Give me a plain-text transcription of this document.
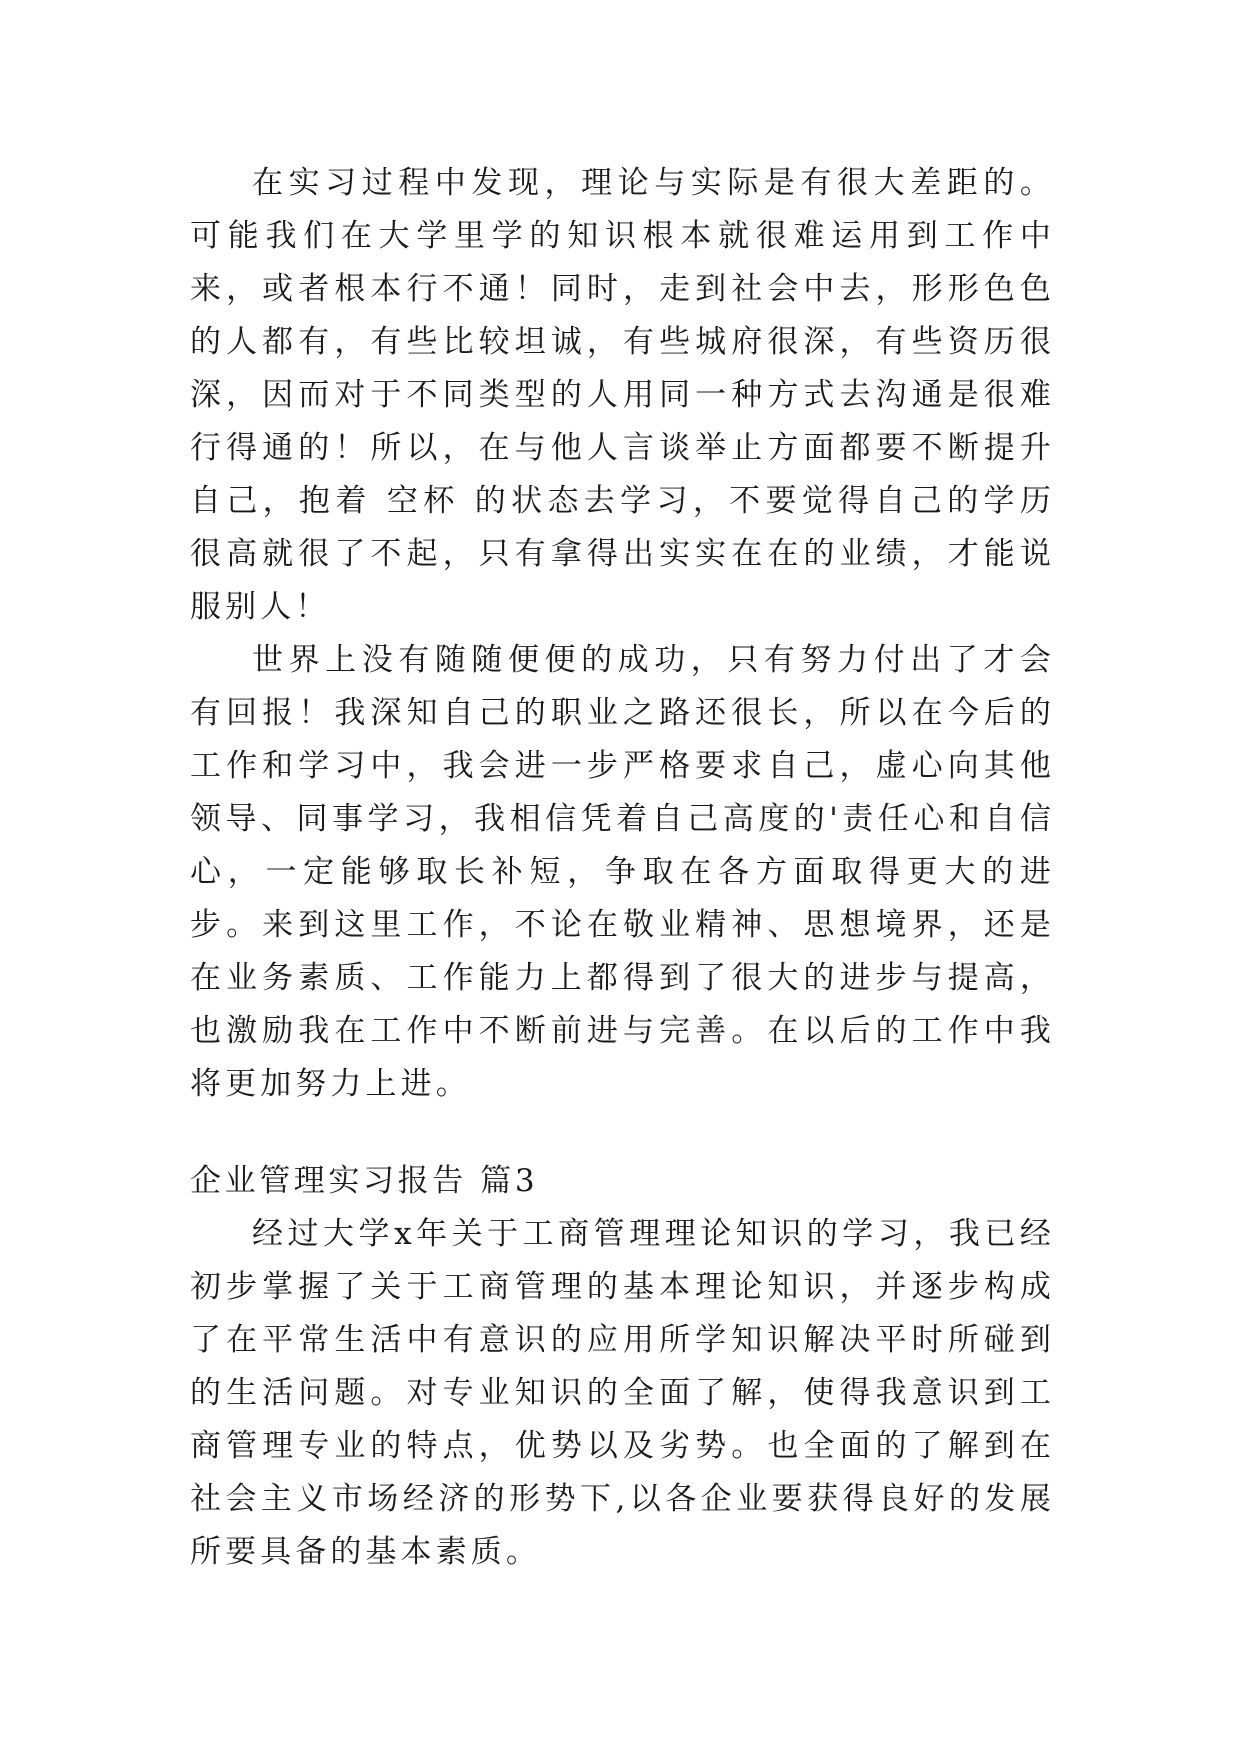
在实习过程中发现，理论与实际是有很大差距的。可能我们在大学里学的知识根本就很难运用到工作中来，或者根本行不通！同时，走到社会中去，形形色色的人都有，有些比较坦诚，有些城府很深，有些资历很深，因而对于不同类型的人用同一种方式去沟通是很难行得通的！所以，在与他人言谈举止方面都要不断提升自己，抱着 空杯 的状态去学习，不要觉得自己的学历很高就很了不起，只有拿得出实实在在的业绩，才能说服别人！

世界上没有随随便便的成功，只有努力付出了才会有回报！我深知自己的职业之路还很长，所以在今后的工作和学习中，我会进一步严格要求自己，虚心向其他领导、同事学习，我相信凭着自己高度的'责任心和自信心，一定能够取长补短，争取在各方面取得更大的进步。来到这里工作，不论在敬业精神、思想境界，还是在业务素质、工作能力上都得到了很大的进步与提高，也激励我在工作中不断前进与完善。在以后的工作中我将更加努力上进。

企业管理实习报告 篇3

经过大学x年关于工商管理理论知识的学习，我已经初步掌握了关于工商管理的基本理论知识，并逐步构成了在平常生活中有意识的应用所学知识解决平时所碰到的生活问题。对专业知识的全面了解，使得我意识到工商管理专业的特点，优势以及劣势。也全面的了解到在社会主义市场经济的形势下,以各企业要获得良好的发展所要具备的基本素质。
